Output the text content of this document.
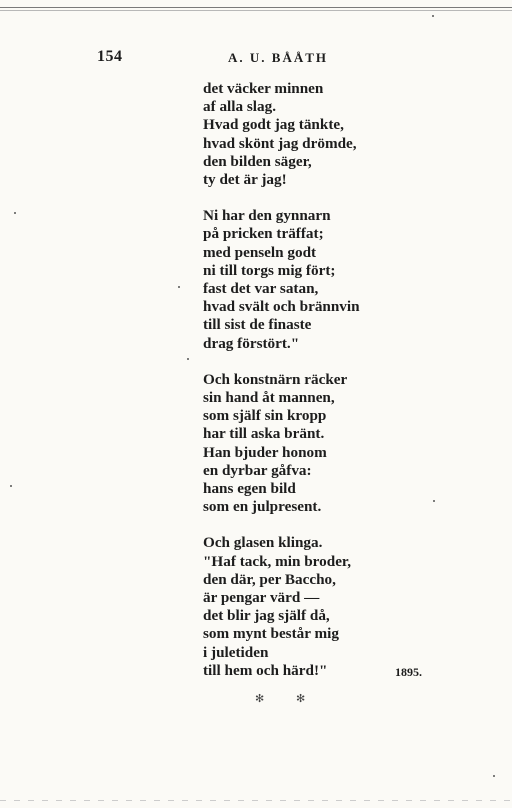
154	A. U. BÅÅTH
det väcker minnen
af alla slag.
Hvad godt jag tänkte,
hvad skönt jag drömde,
den bilden säger,
ty det är jag!
Ni har den gynnarn
på pricken träffat;
med penseln godt
ni till torgs mig fört;
fast det var satan,
hvad svält och brännvin
till sist de finaste
drag förstört."
Och konstnärn räcker
sin hand åt mannen,
som själf sin kropp
har till aska bränt.
Han bjuder honom
en dyrbar gåfva:
hans egen bild
som en julpresent.
Och glasen klinga.
"Haf tack, min broder,
den där, per Baccho,
är pengar värd —
det blir jag själf då,
som mynt består mig
i juletiden
till hem och härd!"	1895.
✻	✻
